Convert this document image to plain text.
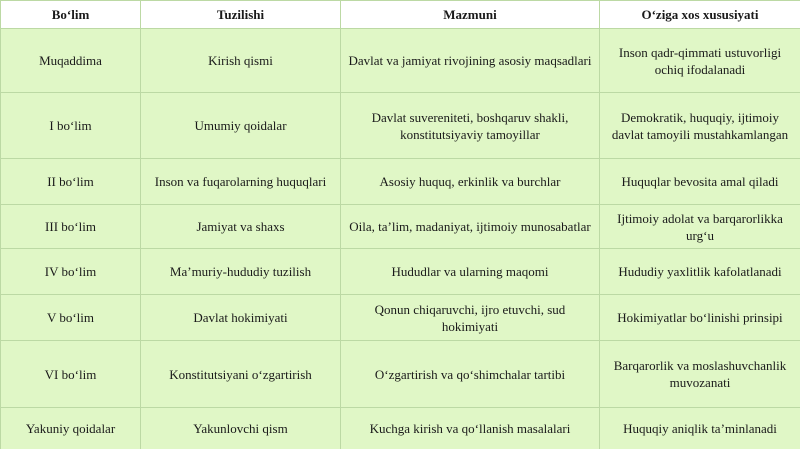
Bo‘lim	Tuzilishi	Mazmuni	O‘ziga xos xususiyati
Muqaddima	Kirish qismi	Davlat va jamiyat rivojining asosiy maqsadlari	Inson qadr-qimmati ustuvorligi ochiq ifodalanadi
I bo‘lim	Umumiy qoidalar	Davlat suvereniteti, boshqaruv shakli, konstitutsiyaviy tamoyillar	Demokratik, huquqiy, ijtimoiy davlat tamoyili mustahkamlangan
II bo‘lim	Inson va fuqarolarning huquqlari	Asosiy huquq, erkinlik va burchlar	Huquqlar bevosita amal qiladi
III bo‘lim	Jamiyat va shaxs	Oila, ta’lim, madaniyat, ijtimoiy munosabatlar	Ijtimoiy adolat va barqarorlikka urg‘u
IV bo‘lim	Ma’muriy-hududiy tuzilish	Hududlar va ularning maqomi	Hududiy yaxlitlik kafolatlanadi
V bo‘lim	Davlat hokimiyati	Qonun chiqaruvchi, ijro etuvchi, sud hokimiyati	Hokimiyatlar bo‘linishi prinsipi
VI bo‘lim	Konstitutsiyani o‘zgartirish	O‘zgartirish va qo‘shimchalar tartibi	Barqarorlik va moslashuvchanlik muvozanati
Yakuniy qoidalar	Yakunlovchi qism	Kuchga kirish va qo‘llanish masalalari	Huquqiy aniqlik ta’minlanadi
